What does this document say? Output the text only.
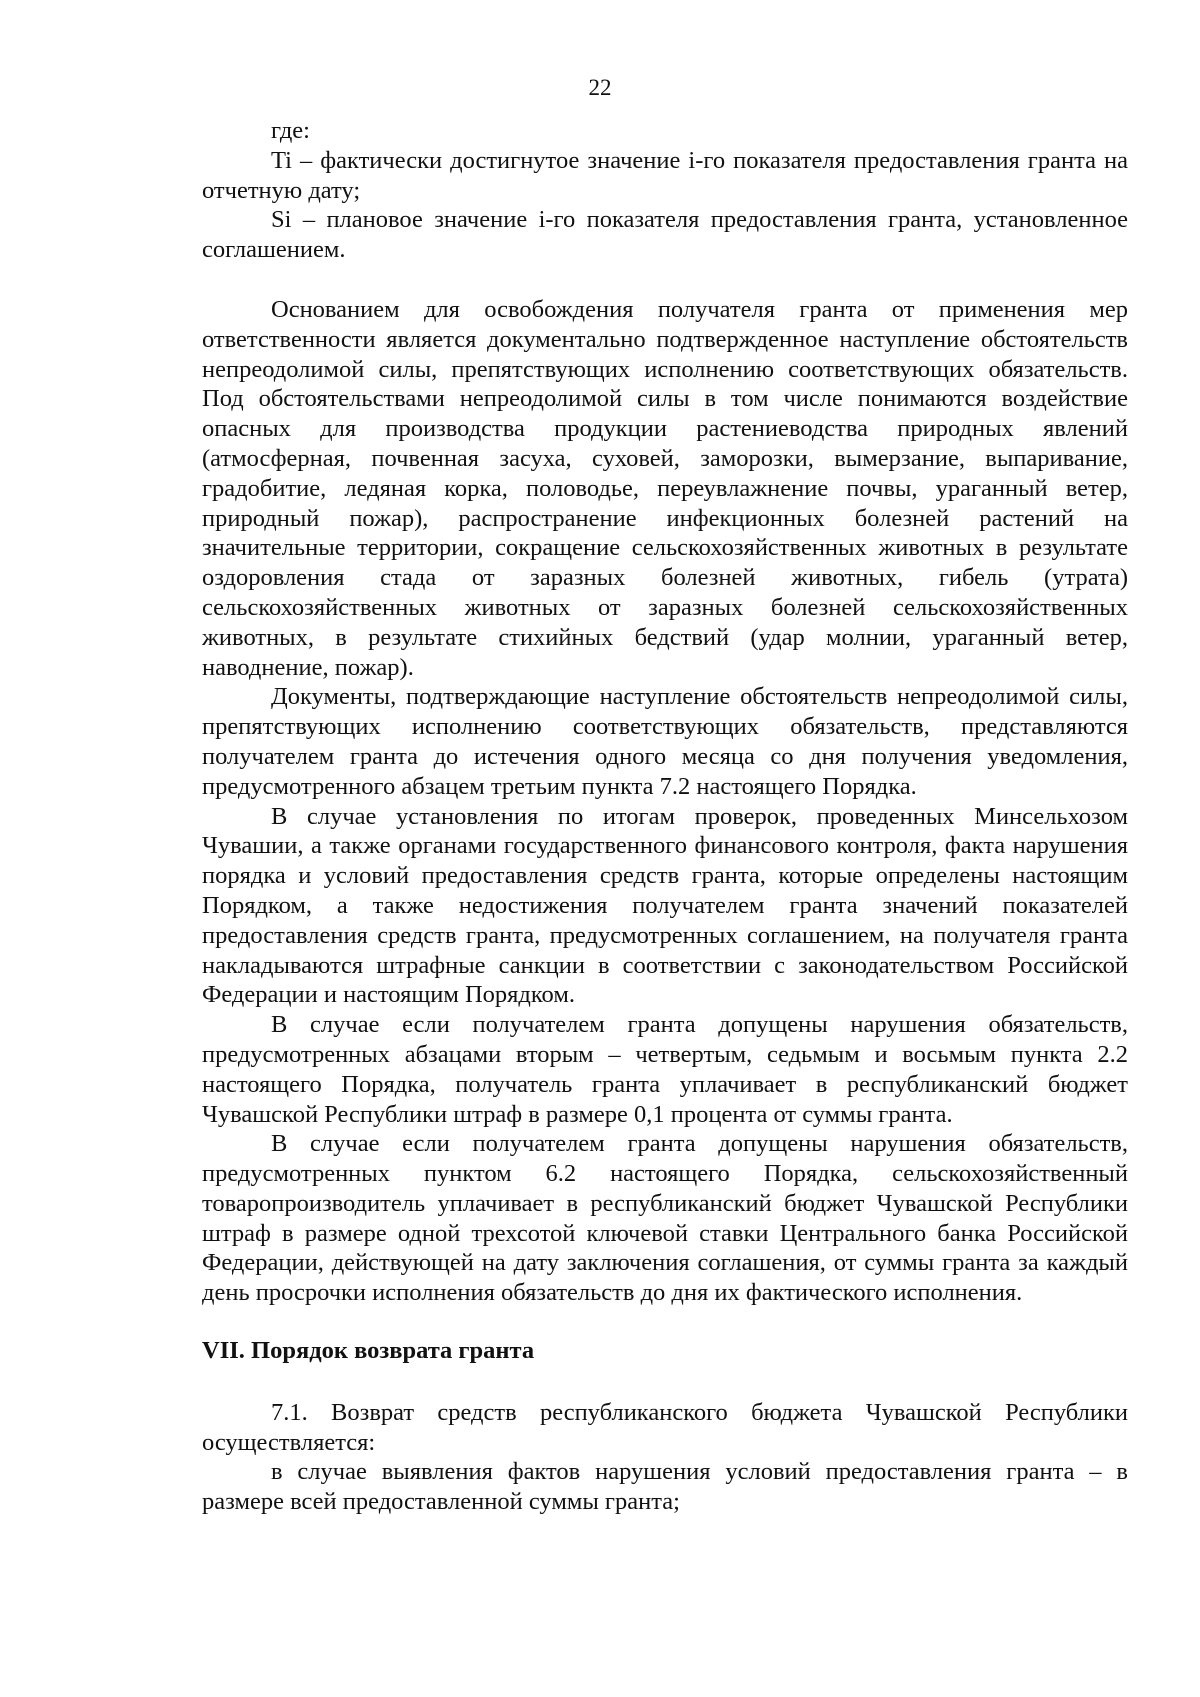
22

где:

Ti – фактически достигнутое значение i-го показателя предоставления гранта на отчетную дату;

Si – плановое значение i-го показателя предоставления гранта, установленное соглашением.

Основанием для освобождения получателя гранта от применения мер ответственности является документально подтвержденное наступление обстоятельств непреодолимой силы, препятствующих исполнению соответствующих обязательств. Под обстоятельствами непреодолимой силы в том числе понимаются воздействие опасных для производства продукции растениеводства природных явлений (атмосферная, почвенная засуха, суховей, заморозки, вымерзание, выпаривание, градобитие, ледяная корка, половодье, переувлажнение почвы, ураганный ветер, природный пожар), распространение инфекционных болезней растений на значительные территории, сокращение сельскохозяйственных животных в результате оздоровления стада от заразных болезней животных, гибель (утрата) сельскохозяйственных животных от заразных болезней сельскохозяйственных животных, в результате стихийных бедствий (удар молнии, ураганный ветер, наводнение, пожар).

Документы, подтверждающие наступление обстоятельств непреодолимой силы, препятствующих исполнению соответствующих обязательств, представляются получателем гранта до истечения одного месяца со дня получения уведомления, предусмотренного абзацем третьим пункта 7.2 настоящего Порядка.

В случае установления по итогам проверок, проведенных Минсельхозом Чувашии, а также органами государственного финансового контроля, факта нарушения порядка и условий предоставления средств гранта, которые определены настоящим Порядком, а также недостижения получателем гранта значений показателей предоставления средств гранта, предусмотренных соглашением, на получателя гранта накладываются штрафные санкции в соответствии с законодательством Российской Федерации и настоящим Порядком.

В случае если получателем гранта допущены нарушения обязательств, предусмотренных абзацами вторым – четвертым, седьмым и восьмым пункта 2.2 настоящего Порядка, получатель гранта уплачивает в республиканский бюджет Чувашской Республики штраф в размере 0,1 процента от суммы гранта.

В случае если получателем гранта допущены нарушения обязательств, предусмотренных пунктом 6.2 настоящего Порядка, сельскохозяйственный товаропроизводитель уплачивает в республиканский бюджет Чувашской Республики штраф в размере одной трехсотой ключевой ставки Центрального банка Российской Федерации, действующей на дату заключения соглашения, от суммы гранта за каждый день просрочки исполнения обязательств до дня их фактического исполнения.

VII. Порядок возврата гранта

7.1. Возврат средств республиканского бюджета Чувашской Республики осуществляется:

в случае выявления фактов нарушения условий предоставления гранта – в размере всей предоставленной суммы гранта;
